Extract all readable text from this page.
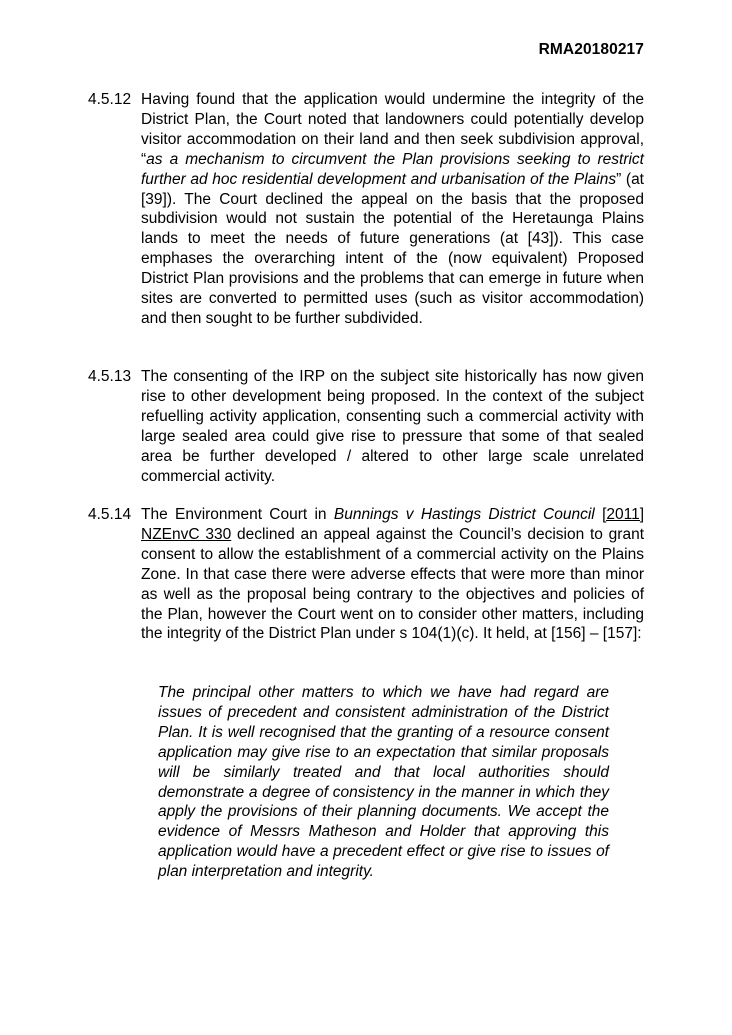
RMA20180217
4.5.12 Having found that the application would undermine the integrity of the District Plan, the Court noted that landowners could potentially develop visitor accommodation on their land and then seek subdivision approval, “as a mechanism to circumvent the Plan provisions seeking to restrict further ad hoc residential development and urbanisation of the Plains” (at [39]). The Court declined the appeal on the basis that the proposed subdivision would not sustain the potential of the Heretaunga Plains lands to meet the needs of future generations (at [43]). This case emphases the overarching intent of the (now equivalent) Proposed District Plan provisions and the problems that can emerge in future when sites are converted to permitted uses (such as visitor accommodation) and then sought to be further subdivided.
4.5.13 The consenting of the IRP on the subject site historically has now given rise to other development being proposed. In the context of the subject refuelling activity application, consenting such a commercial activity with large sealed area could give rise to pressure that some of that sealed area be further developed / altered to other large scale unrelated commercial activity.
4.5.14 The Environment Court in Bunnings v Hastings District Council [2011] NZEnvC 330 declined an appeal against the Council’s decision to grant consent to allow the establishment of a commercial activity on the Plains Zone. In that case there were adverse effects that were more than minor as well as the proposal being contrary to the objectives and policies of the Plan, however the Court went on to consider other matters, including the integrity of the District Plan under s 104(1)(c). It held, at [156] – [157]:
The principal other matters to which we have had regard are issues of precedent and consistent administration of the District Plan. It is well recognised that the granting of a resource consent application may give rise to an expectation that similar proposals will be similarly treated and that local authorities should demonstrate a degree of consistency in the manner in which they apply the provisions of their planning documents. We accept the evidence of Messrs Matheson and Holder that approving this application would have a precedent effect or give rise to issues of plan interpretation and integrity.
